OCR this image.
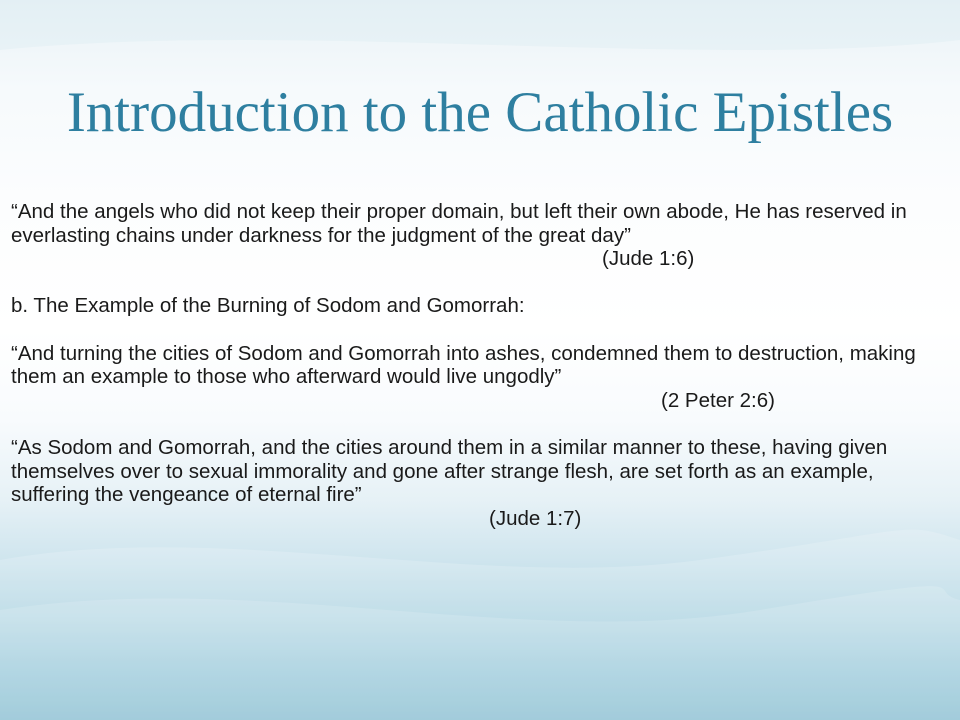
Introduction to the Catholic Epistles

“And the angels who did not keep their proper domain, but left their own abode, He has reserved in everlasting chains under darkness for the judgment of the great day”

(Jude 1:6)

b. The Example of the Burning of Sodom and Gomorrah:

“And turning the cities of Sodom and Gomorrah into ashes, condemned them to destruction, making them an example to those who afterward would live ungodly”

(2 Peter 2:6)

“As Sodom and Gomorrah, and the cities around them in a similar manner to these, having given themselves over to sexual immorality and gone after strange flesh, are set forth as an example, suffering the vengeance of eternal fire”

(Jude 1:7)
